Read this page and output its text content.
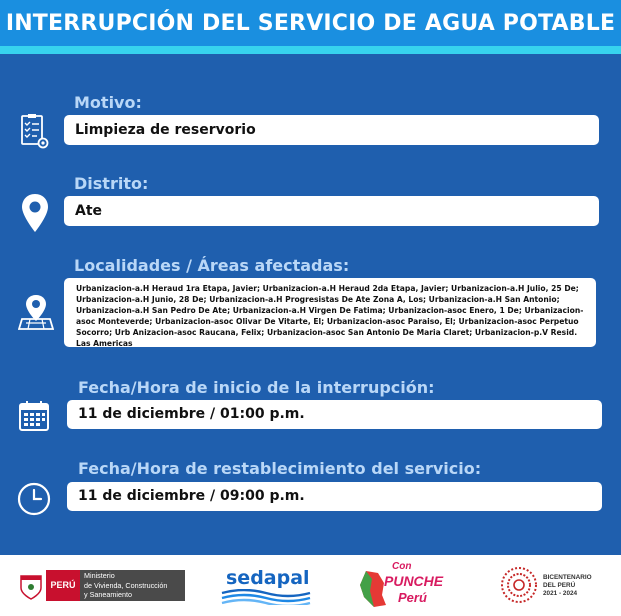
INTERRUPCIÓN DEL SERVICIO DE AGUA POTABLE
Motivo:
Limpieza de reservorio
Distrito:
Ate
Localidades / Áreas afectadas:
Urbanizacion-a.H Heraud 1ra Etapa, Javier; Urbanizacion-a.H Heraud 2da Etapa, Javier; Urbanizacion-a.H Julio, 25 De; Urbanizacion-a.H Junio, 28 De; Urbanizacion-a.H Progresistas De Ate Zona A, Los; Urbanizacion-a.H San Antonio; Urbanizacion-a.H San Pedro De Ate; Urbanizacion-a.H Virgen De Fatima; Urbanizacion-asoc Enero, 1 De; Urbanizacion-asoc Monteverde; Urbanizacion-asoc Olivar De Vitarte, El; Urbanizacion-asoc Paraiso, El; Urbanizacion-asoc Perpetuo Socorro; Urb Anizacion-asoc Raucana, Felix; Urbanizacion-asoc San Antonio De Maria Claret; Urbanizacion-p.V Resid. Las Americas
Fecha/Hora de inicio de la interrupción:
11 de diciembre / 01:00 p.m.
Fecha/Hora de restablecimiento del servicio:
11 de diciembre / 09:00 p.m.
PERÚ
Ministerio
de Vivienda, Construcción
y Saneamiento
sedapal
Con
PUNCHE
Perú
BICENTENARIO
DEL PERÚ
2021 - 2024
